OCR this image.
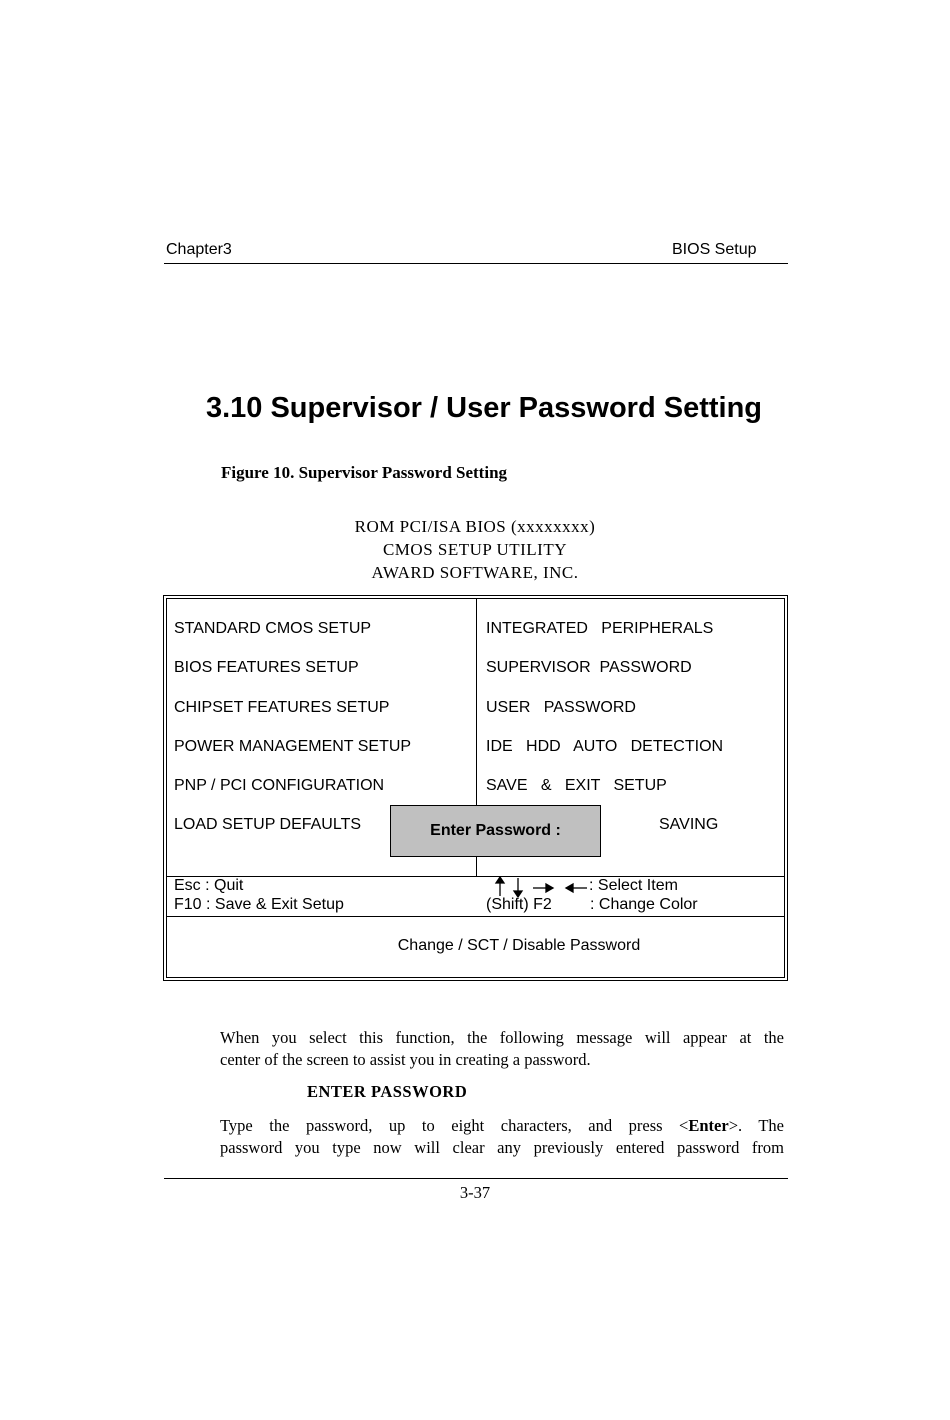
Chapter3	BIOS Setup
3.10 Supervisor / User Password Setting
Figure 10. Supervisor Password Setting
ROM PCI/ISA BIOS (xxxxxxxx)
CMOS SETUP UTILITY
AWARD SOFTWARE, INC.
STANDARD CMOS SETUP
BIOS FEATURES SETUP
CHIPSET FEATURES SETUP
POWER MANAGEMENT SETUP
PNP / PCI CONFIGURATION
LOAD SETUP DEFAULTS
INTEGRATED   PERIPHERALS
SUPERVISOR  PASSWORD
USER   PASSWORD
IDE   HDD   AUTO   DETECTION
SAVE   &   EXIT   SETUP
SAVING
Enter Password :
Esc : Quit
F10 : Save & Exit Setup
: Select Item
(Shift) F2 : Change Color
Change / SCT / Disable Password
When you select this function, the following message will appear at the
center of the screen to assist you in creating a password.
ENTER PASSWORD
Type the password, up to eight characters, and press <Enter>. The
password you type now will clear any previously entered password from
3-37
